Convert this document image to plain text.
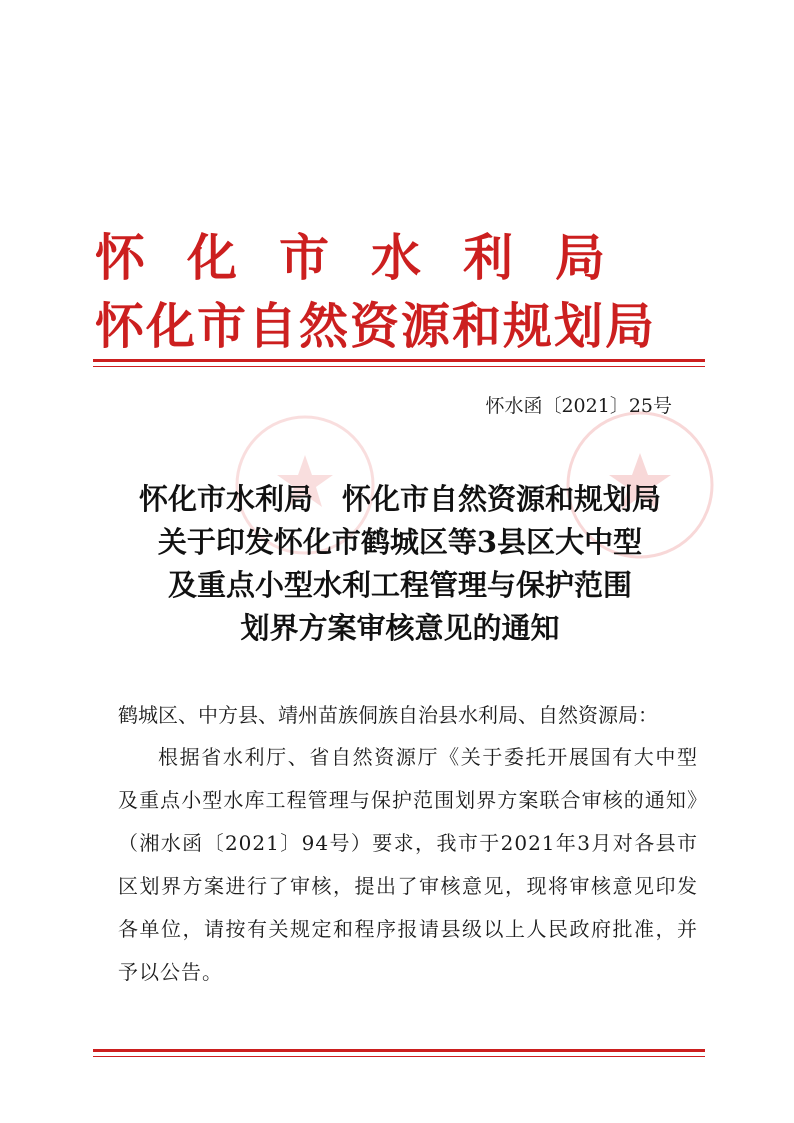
怀化市水利局
怀化市自然资源和规划局
怀水函〔2021〕25号
怀化市水利局　怀化市自然资源和规划局
关于印发怀化市鹤城区等3县区大中型
及重点小型水利工程管理与保护范围
划界方案审核意见的通知
鹤城区、中方县、靖州苗族侗族自治县水利局、自然资源局：
根据省水利厅、省自然资源厅《关于委托开展国有大中型及重点小型水库工程管理与保护范围划界方案联合审核的通知》（湘水函〔2021〕94号）要求，我市于2021年3月对各县市区划界方案进行了审核，提出了审核意见，现将审核意见印发各单位，请按有关规定和程序报请县级以上人民政府批准，并予以公告。
